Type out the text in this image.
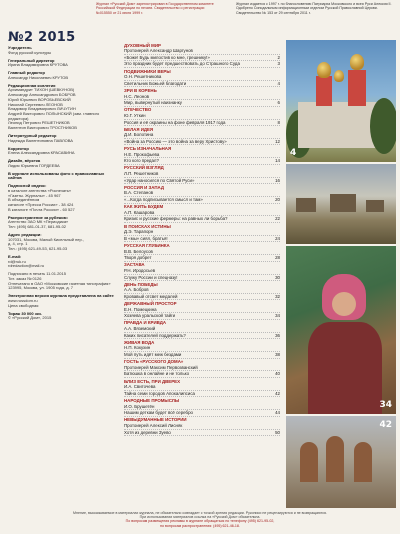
Журнал «Русский Дом» зарегистрирован в Государственном комитете Российской Федерации по печати. Свидетельство о регистрации №015550 от 21 июля 1999 г.
Журнал издается с 1997 г. по благословению Патриарха Московского и всея Руси Алексия II. Одобрено Синодальным информационным отделом Русской Православной Церкви. Свидетельство № 153 от 29 сентября 2011 г.
№2 2015
Учредитель
Фонд русской культуры
Генеральный директор
Ирина Владимировна КРУТОВА
Главный редактор
Александр Николаевич КРУТОВ
Редакционная коллегия
Архимандрит ТИХОН (ШЕВКУНОВ)
Александр Александрович БОБРОВ
Юрий Юрьевич ВОРОБЬЕВСКИЙ
Николай Сергеевич ЛЕОНОВ
Владимир Владимирович ЛИЧУТИН
Андрей Викторович ПОЛЫНСКИЙ (зам. главного редактора)
Леонид Петрович РЕШЕТНИКОВ
Валентин Викторович ТРОСТНИКОВ
Литературный редактор
Надежда Валентиновна ПАВЛОВА
Корректор
Елена Александровна КРАСАВИНА
Дизайн, вёрстка
Лидия Юрьевна ГОРДЕЕВА
В журнале использованы фото с православных сайтов
Подписной индекс:
в каталоге агентства «Роспечать»
«Газеты. Журналы» - 45 967
В объединённом
каталоге «Пресса России» - 38 424
В каталоге «Почта России» - 60 527
Распространение за рубежом:
Агентство ЗАО МК «Периодика»
Тел: (495) 681-01-37, 681-95-02
Адрес редакции:
107031, Москва, Малый Кисельный пер.,
д. 4, стр. 1
Тел.: (495) 621-49-53, 621-95-03
E-mail:
rd@ruk.ru
rdredaction@mail.ru
Подписано в печать 11.01.2015
Тит. заказ № 0126
Отпечатано в ОАО «Московские газетная типография»
123995, Москва, ул. 1905 года, д. 7
Электронная версия журнала представлена на сайте
www.russdom.ru
Цена свободная
Тираж 30 000 экз.
© «Русский Дом», 2015
ДУХОВНЫЙ МИР
Протоиерей Александр Шаргунов
«Боже! Будь милостив ко мне, грешнику!»	2
Это праздник будет предшествовать до Страшного Суда	3
ПОДВИЖНИКИ ВЕРЫ
О.Н. Решетникова
Светильник Божьей благодати	4
ЗРИ В КОРЕНЬ
Н.С. Леонов
Мир, вывернутый наизнанку	6
ОТЕЧЕСТВО
Ю.Г. Уткин
Россия и её окраины на фоне февраля 1917 года	8
БЕЛАЯ ИДЕЯ
Д.И. Болотина
«Война за Россию — это война за веру Христову»	12
РУСЬ ИЗНАЧАЛЬНАЯ
Н.Е. Прокофьева
Кто кого предал?	14
РУССКИЙ ВЗГЛЯД
Л.П. Решетников
«Удар наносился по Святой Руси»	16
РОССИЯ И ЗАПАД
В.А. Степанов
«...Когда подписывается смысл и там»	20
КАК ЖИТЬ БУДЕМ
А.П. Кашарова
Кризис и русские фермеры: на равных ли борьба?	22
В ПОИСКАХ ИСТИНЫ
Д.Э. Тарапорн
В «мы» сиял, братья!	24
РУССКАЯ ГЛУБИНКА
В.В. Белоусов
Творя добрет	28
ЗАСТАВА
Р.Н. Иродосьев
Служу России и спецназу!	30
ДЕНЬ ПОБЕДЫ
А.А. Бобров
Кровавый отсвет медалей	32
ДЕРЖАВНЫЙ ПРОСТОР
Е.Н. Помецкина
Хозяева уральской тайги	34
ПРАВДА И КРИВДА
А.А. Вяземский
Каких писателей поддержать?	36
ЖИВАЯ ВОДА
Н.П. Кокухин
Мой путь идёт меж бездами	38
ГОСТЬ «РУССКОГО ДОМА»
Протоиерей Максим Первозванский
Батюшка в онлайне и не только	40
БЛИЗ ЕСТЬ, ПРИ ДВЕРЕХ
И.А. Свиточева
Тайна семи городов Апокалипсиса	42
НАРОДНЫЕ ПРОМЫСЛЫ
И.О. Брушетён
Нашим деткам будет всё серебро	44
НЕВЫДУМАННЫЕ ИСТОРИИ
Протоиерей Алексий Лисняк
Хотя из деревни Зуево	50
4
34
42
Мнение, высказываемое в материалах журнала, не обязательно совпадает с точкой зрения редакции. Рукописи не рецензируются и не возвращаются.
При использовании материалов ссылка на «Русский Дом» обязательна.
По вопросам размещения рекламы в журнале обращаться по телефону (495) 621-95-02,
по вопросам распространения: (495) 621-46-18.
